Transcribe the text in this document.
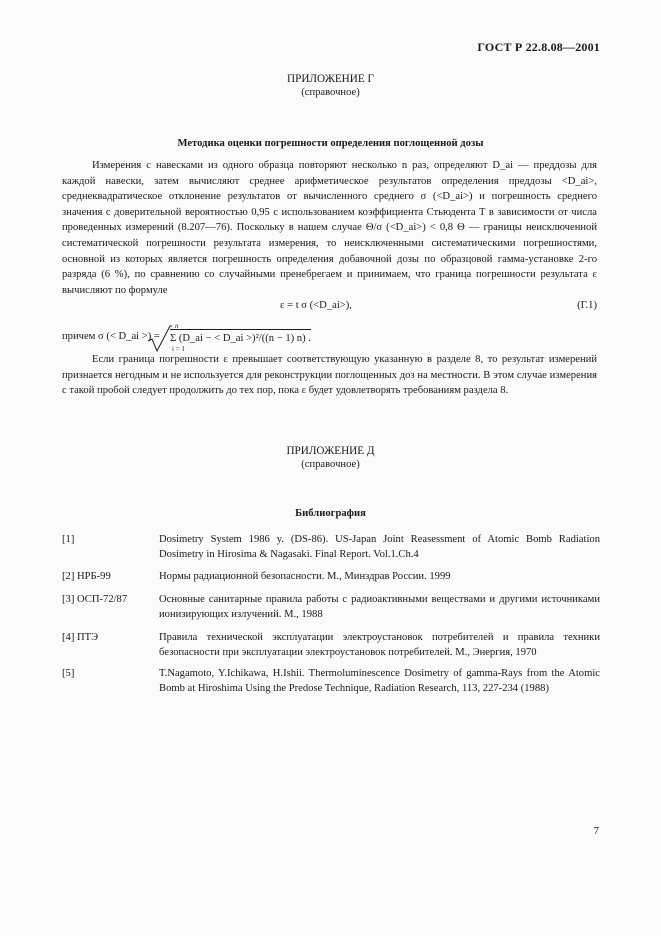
ГОСТ Р 22.8.08—2001
ПРИЛОЖЕНИЕ Г
(справочное)
Методика оценки погрешности определения поглощенной дозы

Измерения с навесками из одного образца повторяют несколько n раз, определяют D_ai — преддозы для каждой навески, затем вычисляют среднее арифметическое результатов определения преддозы <D_ai>, среднеквадратическое отклонение результатов от вычисленного среднего σ (<D_ai>) и погрешность среднего значения с доверительной вероятностью 0,95 с использованием коэффициента Стьюдента T в зависимости от числа проведенных измерений (8.207—76). Поскольку в нашем случае Θ/σ (<D_ai>) < 0,8 Θ — границы неисключенной систематической погрешности результата измерения, то неисключенными систематическими погрешностями, основной из которых является погрешность определения добавочной дозы по образцовой гамма-установке 2-го разряда (6 %), по сравнению со случайными пренебрегаем и принимаем, что граница погрешности результата ε вычисляют по формуле

ε = t σ (<D_ai>),	(Г.1)
причем σ (< D_ai >) =
n
Σ (D_ai − < D_ai >)²/((n − 1) n) .
i = 1

Если граница погрешности ε превышает соответствующую указанную в разделе 8, то результат измерений признается негодным и не используется для реконструкции поглощенных доз на местности. В этом случае измерения с такой пробой следует продолжить до тех пор, пока ε будет удовлетворять требованиям раздела 8.

ПРИЛОЖЕНИЕ Д
(справочное)
Библиография
[1]	Dosimetry System 1986 y. (DS-86). US-Japan Joint Reasessment of Atomic Bomb Radiation Dosimetry in Hirosima & Nagasaki. Final Report. Vol.1.Ch.4
[2] НРБ-99	Нормы радиационной безопасности. М., Минздрав России. 1999
[3] ОСП-72/87	Основные санитарные правила работы с радиоактивными веществами и другими источниками ионизирующих излучений. М., 1988
[4] ПТЭ	Правила технической эксплуатации электроустановок потребителей и правила техники безопасности при эксплуатации электроустановок потребителей. М., Энергия, 1970
[5]	T.Nagamoto, Y.Ichikawa, H.Ishii. Thermoluminescence Dosimetry of gamma-Rays from the Atomic Bomb at Hiroshima Using the Predose Technique, Radiation Research, 113, 227-234 (1988)
7
